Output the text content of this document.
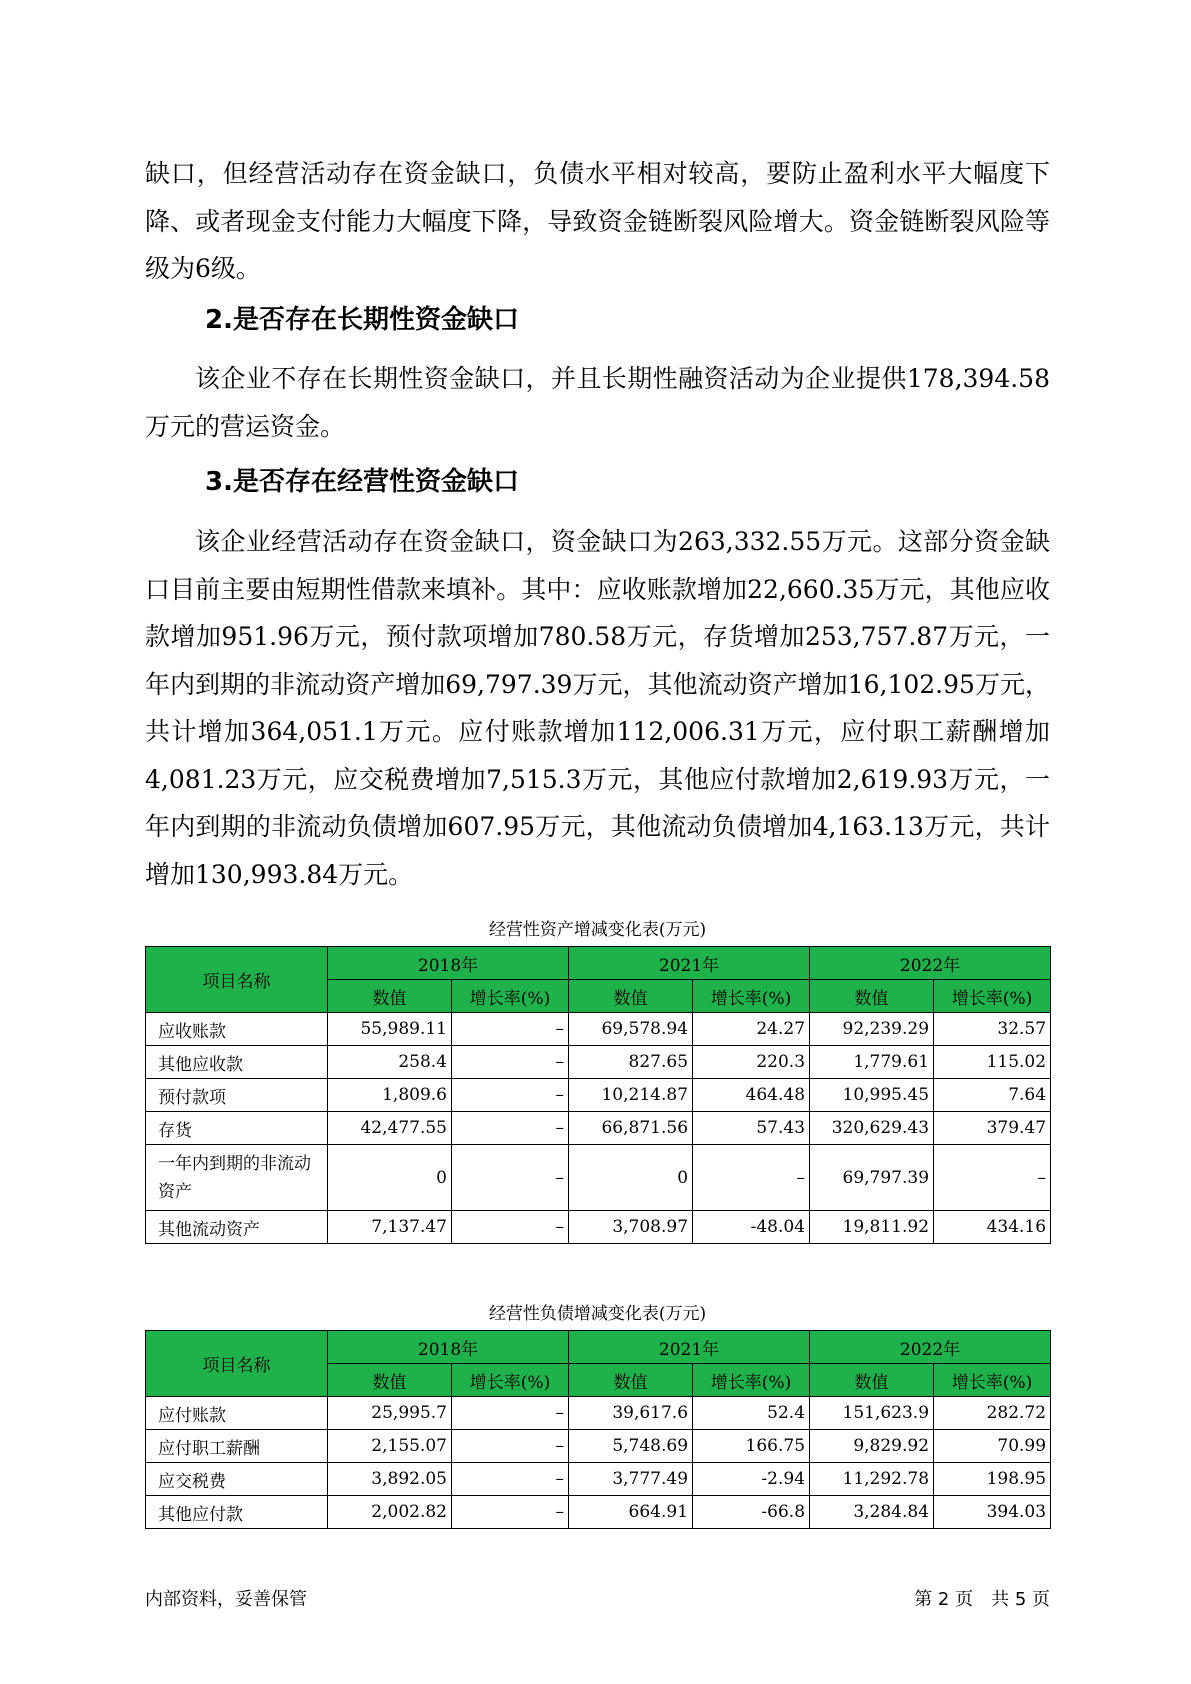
缺口，但经营活动存在资金缺口，负债水平相对较高，要防止盈利水平大幅度下降、或者现金支付能力大幅度下降，导致资金链断裂风险增大。资金链断裂风险等级为6级。

2.是否存在长期性资金缺口

该企业不存在长期性资金缺口，并且长期性融资活动为企业提供178,394.58万元的营运资金。

3.是否存在经营性资金缺口

该企业经营活动存在资金缺口，资金缺口为263,332.55万元。这部分资金缺口目前主要由短期性借款来填补。其中：应收账款增加22,660.35万元，其他应收款增加951.96万元，预付款项增加780.58万元，存货增加253,757.87万元，一年内到期的非流动资产增加69,797.39万元，其他流动资产增加16,102.95万元，共计增加364,051.1万元。应付账款增加112,006.31万元，应付职工薪酬增加4,081.23万元，应交税费增加7,515.3万元，其他应付款增加2,619.93万元，一年内到期的非流动负债增加607.95万元，其他流动负债增加4,163.13万元，共计增加130,993.84万元。

经营性资产增减变化表(万元)
项目名称	2018年		2021年		2022年	
	数值	增长率(%)	数值	增长率(%)	数值	增长率(%)
应收账款	55,989.11	–	69,578.94	24.27	92,239.29	32.57
其他应收款	258.4	–	827.65	220.3	1,779.61	115.02
预付款项	1,809.6	–	10,214.87	464.48	10,995.45	7.64
存货	42,477.55	–	66,871.56	57.43	320,629.43	379.47
一年内到期的非流动资产	0	–	0	–	69,797.39	–
其他流动资产	7,137.47	–	3,708.97	-48.04	19,811.92	434.16
经营性负债增减变化表(万元)
项目名称	2018年		2021年		2022年	
	数值	增长率(%)	数值	增长率(%)	数值	增长率(%)
应付账款	25,995.7	–	39,617.6	52.4	151,623.9	282.72
应付职工薪酬	2,155.07	–	5,748.69	166.75	9,829.92	70.99
应交税费	3,892.05	–	3,777.49	-2.94	11,292.78	198.95
其他应付款	2,002.82	–	664.91	-66.8	3,284.84	394.03
内部资料，妥善保管	第 2 页　共 5 页
